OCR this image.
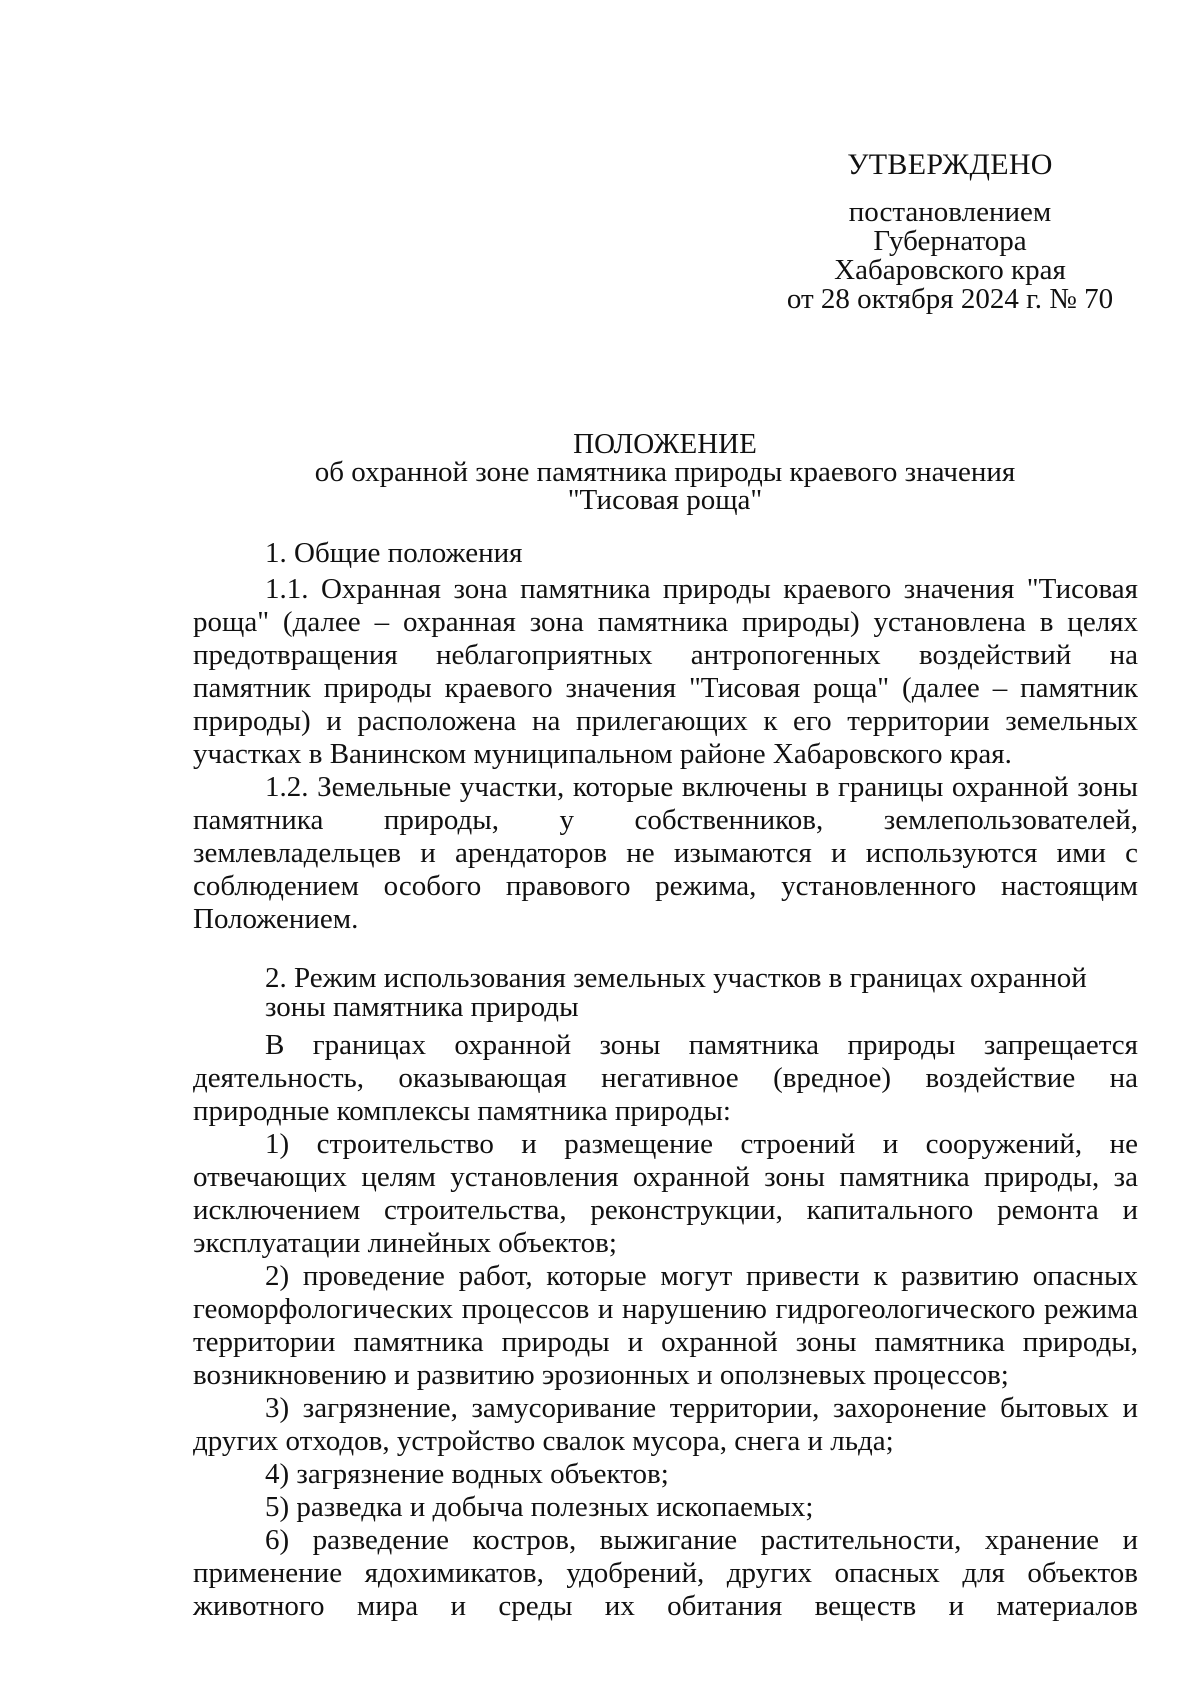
УТВЕРЖДЕНО
постановлением
Губернатора
Хабаровского края
от 28 октября 2024 г. № 70
ПОЛОЖЕНИЕ
об охранной зоне памятника природы краевого значения
"Тисовая роща"

1. Общие положения

1.1. Охранная зона памятника природы краевого значения "Тисовая роща" (далее – охранная зона памятника природы) установлена в целях предотвращения неблагоприятных антропогенных воздействий на памятник природы краевого значения "Тисовая роща" (далее – памятник природы) и расположена на прилегающих к его территории земельных участках в Ванинском муниципальном районе Хабаровского края.

1.2. Земельные участки, которые включены в границы охранной зоны памятника природы, у собственников, землепользователей, землевладельцев и арендаторов не изымаются и используются ими с соблюдением особого правового режима, установленного настоящим Положением.

2. Режим использования земельных участков в границах охранной зоны памятника природы

В границах охранной зоны памятника природы запрещается деятельность, оказывающая негативное (вредное) воздействие на природные комплексы памятника природы:

1) строительство и размещение строений и сооружений, не отвечающих целям установления охранной зоны памятника природы, за исключением строительства, реконструкции, капитального ремонта и эксплуатации линейных объектов;

2) проведение работ, которые могут привести к развитию опасных геоморфологических процессов и нарушению гидрогеологического режима территории памятника природы и охранной зоны памятника природы, возникновению и развитию эрозионных и оползневых процессов;

3) загрязнение, замусоривание территории, захоронение бытовых и других отходов, устройство свалок мусора, снега и льда;

4) загрязнение водных объектов;

5) разведка и добыча полезных ископаемых;

6) разведение костров, выжигание растительности, хранение и применение ядохимикатов, удобрений, других опасных для объектов животного мира и среды их обитания веществ и материалов
